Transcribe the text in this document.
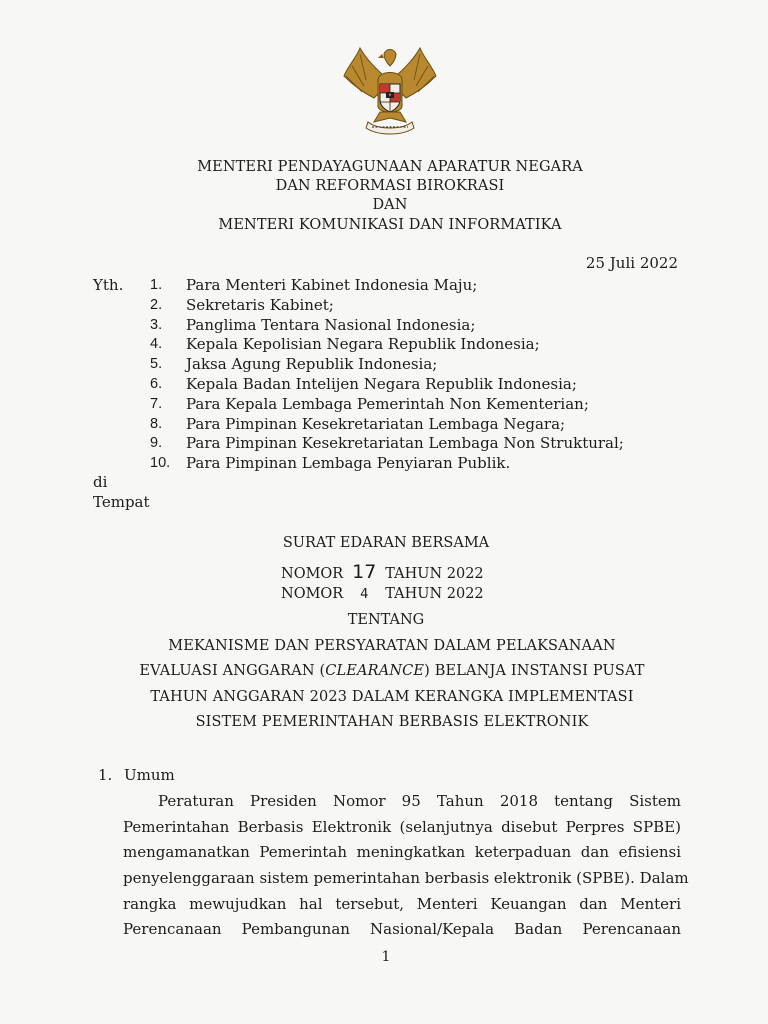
MENTERI PENDAYAGUNAAN APARATUR NEGARA
DAN REFORMASI BIROKRASI
DAN
MENTERI KOMUNIKASI DAN INFORMATIKA
25 Juli 2022
Yth. 1.	Para Menteri Kabinet Indonesia Maju;
2.	Sekretaris Kabinet;
3.	Panglima Tentara Nasional Indonesia;
4.	Kepala Kepolisian Negara Republik Indonesia;
5.	Jaksa Agung Republik Indonesia;
6.	Kepala Badan Intelijen Negara Republik Indonesia;
7.	Para Kepala Lembaga Pemerintah Non Kementerian;
8.	Para Pimpinan Kesekretariatan Lembaga Negara;
9.	Para Pimpinan Kesekretariatan Lembaga Non Struktural;
10.	Para Pimpinan Lembaga Penyiaran Publik.
di
Tempat
SURAT EDARAN BERSAMA
NOMOR 17 TAHUN 2022
NOMOR 4 TAHUN 2022
TENTANG
MEKANISME DAN PERSYARATAN DALAM PELAKSANAAN
EVALUASI ANGGARAN (CLEARANCE) BELANJA INSTANSI PUSAT
TAHUN ANGGARAN 2023 DALAM KERANGKA IMPLEMENTASI
SISTEM PEMERINTAHAN BERBASIS ELEKTRONIK
1. Umum
Peraturan Presiden Nomor 95 Tahun 2018 tentang Sistem
Pemerintahan Berbasis Elektronik (selanjutnya disebut Perpres SPBE)
mengamanatkan Pemerintah meningkatkan keterpaduan dan efisiensi
penyelenggaraan sistem pemerintahan berbasis elektronik (SPBE). Dalam
rangka mewujudkan hal tersebut, Menteri Keuangan dan Menteri
Perencanaan Pembangunan Nasional/Kepala Badan Perencanaan
1
